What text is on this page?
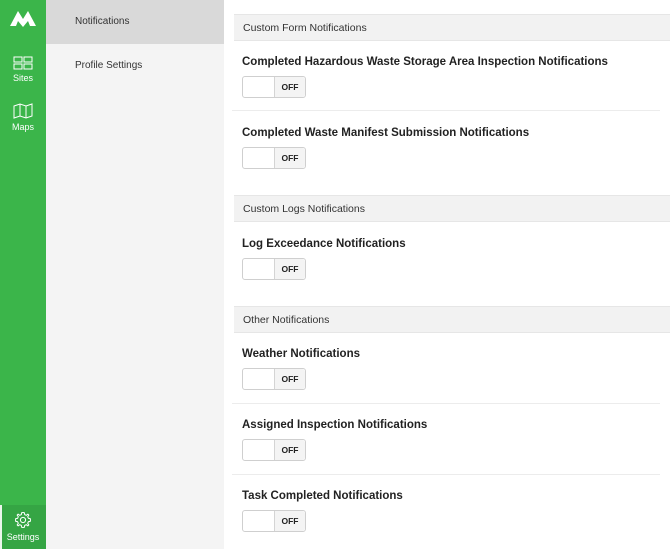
Sites
Maps
Settings
Notifications
Profile Settings
Custom Form Notifications
Completed Hazardous Waste Storage Area Inspection Notifications
OFF
Completed Waste Manifest Submission Notifications
OFF
Custom Logs Notifications
Log Exceedance Notifications
OFF
Other Notifications
Weather Notifications
OFF
Assigned Inspection Notifications
OFF
Task Completed Notifications
OFF
